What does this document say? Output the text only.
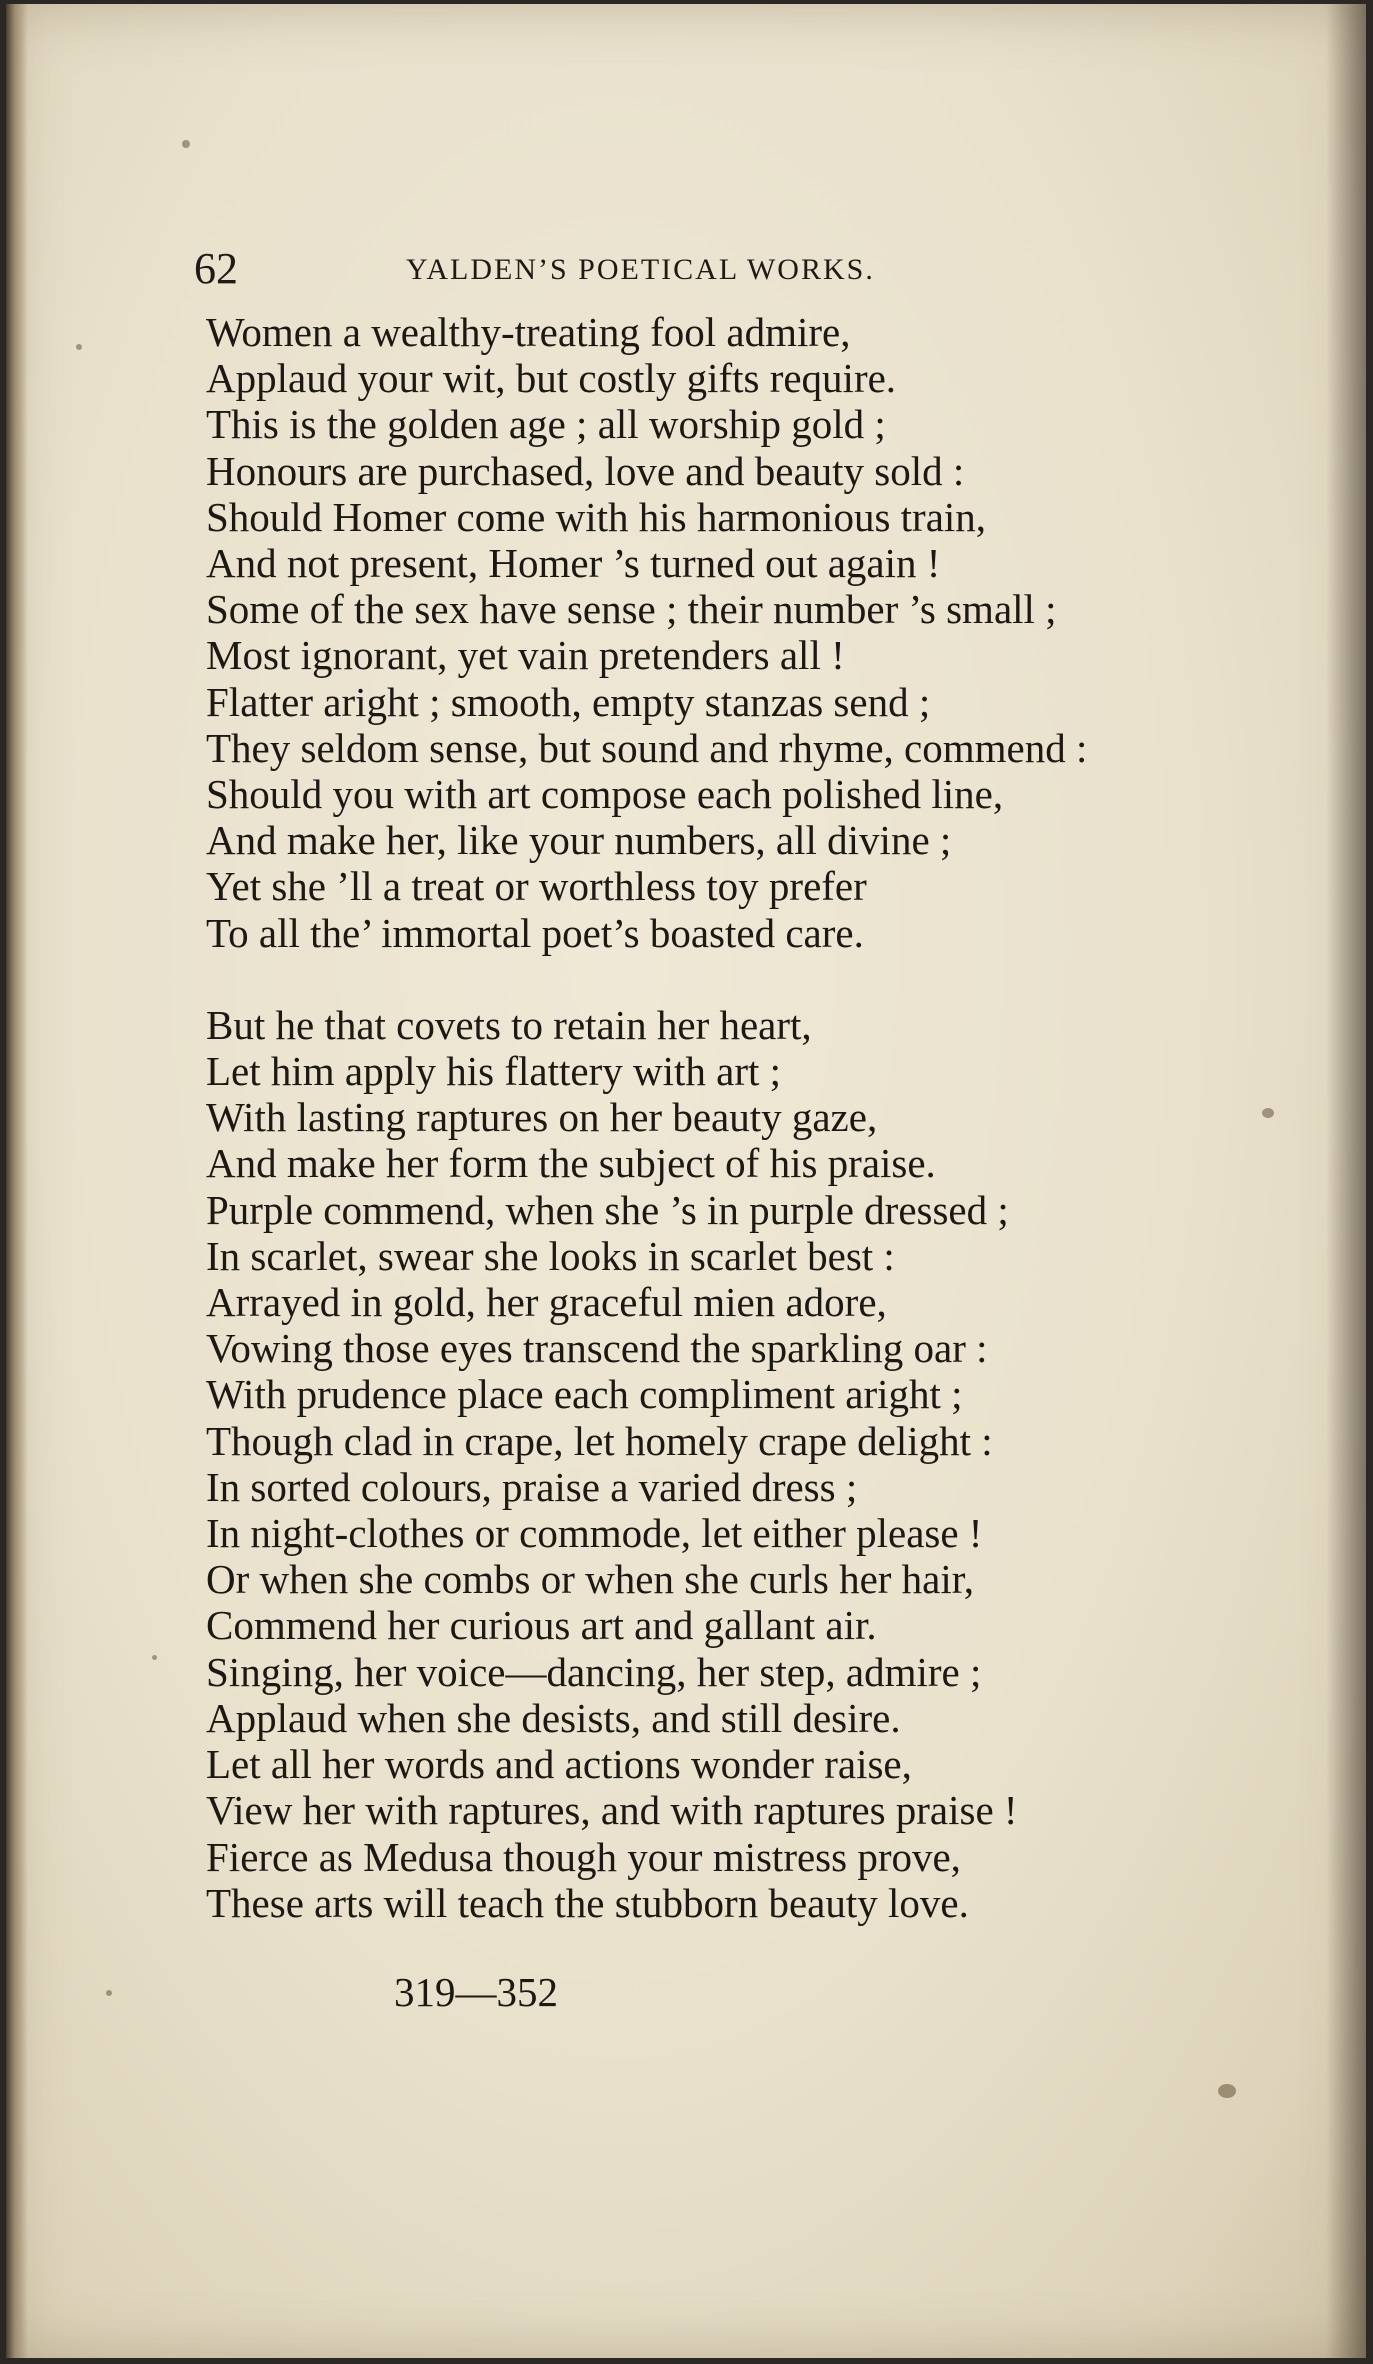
62	YALDEN’S POETICAL WORKS.

Women a wealthy-treating fool admire,
Applaud your wit, but costly gifts require.
This is the golden age ; all worship gold ;
Honours are purchased, love and beauty sold :
Should Homer come with his harmonious train,
And not present, Homer ’s turned out again !
Some of the sex have sense ; their number ’s small ;
Most ignorant, yet vain pretenders all !
Flatter aright ; smooth, empty stanzas send ;
They seldom sense, but sound and rhyme, commend :
Should you with art compose each polished line,
And make her, like your numbers, all divine ;
Yet she ’ll a treat or worthless toy prefer
To all the’ immortal poet’s boasted care.

But he that covets to retain her heart,
Let him apply his flattery with art ;
With lasting raptures on her beauty gaze,
And make her form the subject of his praise.
Purple commend, when she ’s in purple dressed ;
In scarlet, swear she looks in scarlet best :
Arrayed in gold, her graceful mien adore,
Vowing those eyes transcend the sparkling oar :
With prudence place each compliment aright ;
Though clad in crape, let homely crape delight :
In sorted colours, praise a varied dress ;
In night-clothes or commode, let either please !
Or when she combs or when she curls her hair,
Commend her curious art and gallant air.
Singing, her voice—dancing, her step, admire ;
Applaud when she desists, and still desire.
Let all her words and actions wonder raise,
View her with raptures, and with raptures praise !
Fierce as Medusa though your mistress prove,
These arts will teach the stubborn beauty love.

319—352
